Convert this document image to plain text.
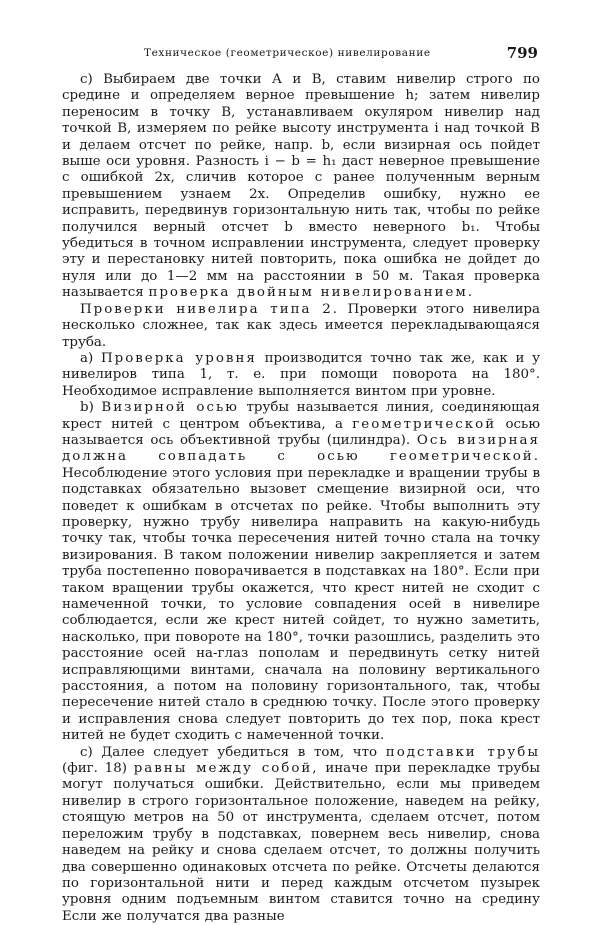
Техническое (геометрическое) нивелирование	799

c) Выбираем две точки А и В, ставим нивелир строго по средине и определяем верное превышение h; затем нивелир переносим в точку В, устанавливаем окуляром нивелир над точкой В, измеряем по рейке высоту инструмента i над точкой В и делаем отсчет по рейке, напр. b, если визирная ось пойдет выше оси уровня. Разность i − b = h₁ даст неверное превышение с ошибкой 2x, сличив которое с ранее полученным верным превышением узнаем 2x. Определив ошибку, нужно ее исправить, передвинув горизонтальную нить так, чтобы по рейке получился верный отсчет b вместо неверного b₁. Чтобы убедиться в точном исправлении инструмента, следует проверку эту и перестановку нитей повторить, пока ошибка не дойдет до нуля или до 1—2 мм на расстоянии в 50 м. Такая проверка называется проверка двойным нивелированием.

Проверки нивелира типа 2. Проверки этого нивелира несколько сложнее, так как здесь имеется перекладывающаяся труба.

a) Проверка уровня производится точно так же, как и у нивелиров типа 1, т. е. при помощи поворота на 180°. Необходимое исправление выполняется винтом при уровне.

b) Визирной осью трубы называется линия, соединяющая крест нитей с центром объектива, а геометрической осью называется ось объективной трубы (цилиндра). Ось визирная должна совпадать с осью геометрической. Несоблюдение этого условия при перекладке и вращении трубы в подставках обязательно вызовет смещение визирной оси, что поведет к ошибкам в отсчетах по рейке. Чтобы выполнить эту проверку, нужно трубу нивелира направить на какую-нибудь точку так, чтобы точка пересечения нитей точно стала на точку визирования. В таком положении нивелир закрепляется и затем труба постепенно поворачивается в подставках на 180°. Если при таком вращении трубы окажется, что крест нитей не сходит с намеченной точки, то условие совпадения осей в нивелире соблюдается, если же крест нитей сойдет, то нужно заметить, насколько, при повороте на 180°, точки разошлись, разделить это расстояние осей на-глаз пополам и передвинуть сетку нитей исправляющими винтами, сначала на половину вертикального расстояния, а потом на половину горизонтального, так, чтобы пересечение нитей стало в среднюю точку. После этого проверку и исправления снова следует повторить до тех пор, пока крест нитей не будет сходить с намеченной точки.

c) Далее следует убедиться в том, что подставки трубы (фиг. 18) равны между собой, иначе при перекладке трубы могут получаться ошибки. Действительно, если мы приведем нивелир в строго горизонтальное положение, наведем на рейку, стоящую метров на 50 от инструмента, сделаем отсчет, потом переложим трубу в подставках, повернем весь нивелир, снова наведем на рейку и снова сделаем отсчет, то должны получить два совершенно одинаковых отсчета по рейке. Отсчеты делаются по горизонтальной нити и перед каждым отсчетом пузырек уровня одним подъемным винтом ставится точно на средину Если же получатся два разные
